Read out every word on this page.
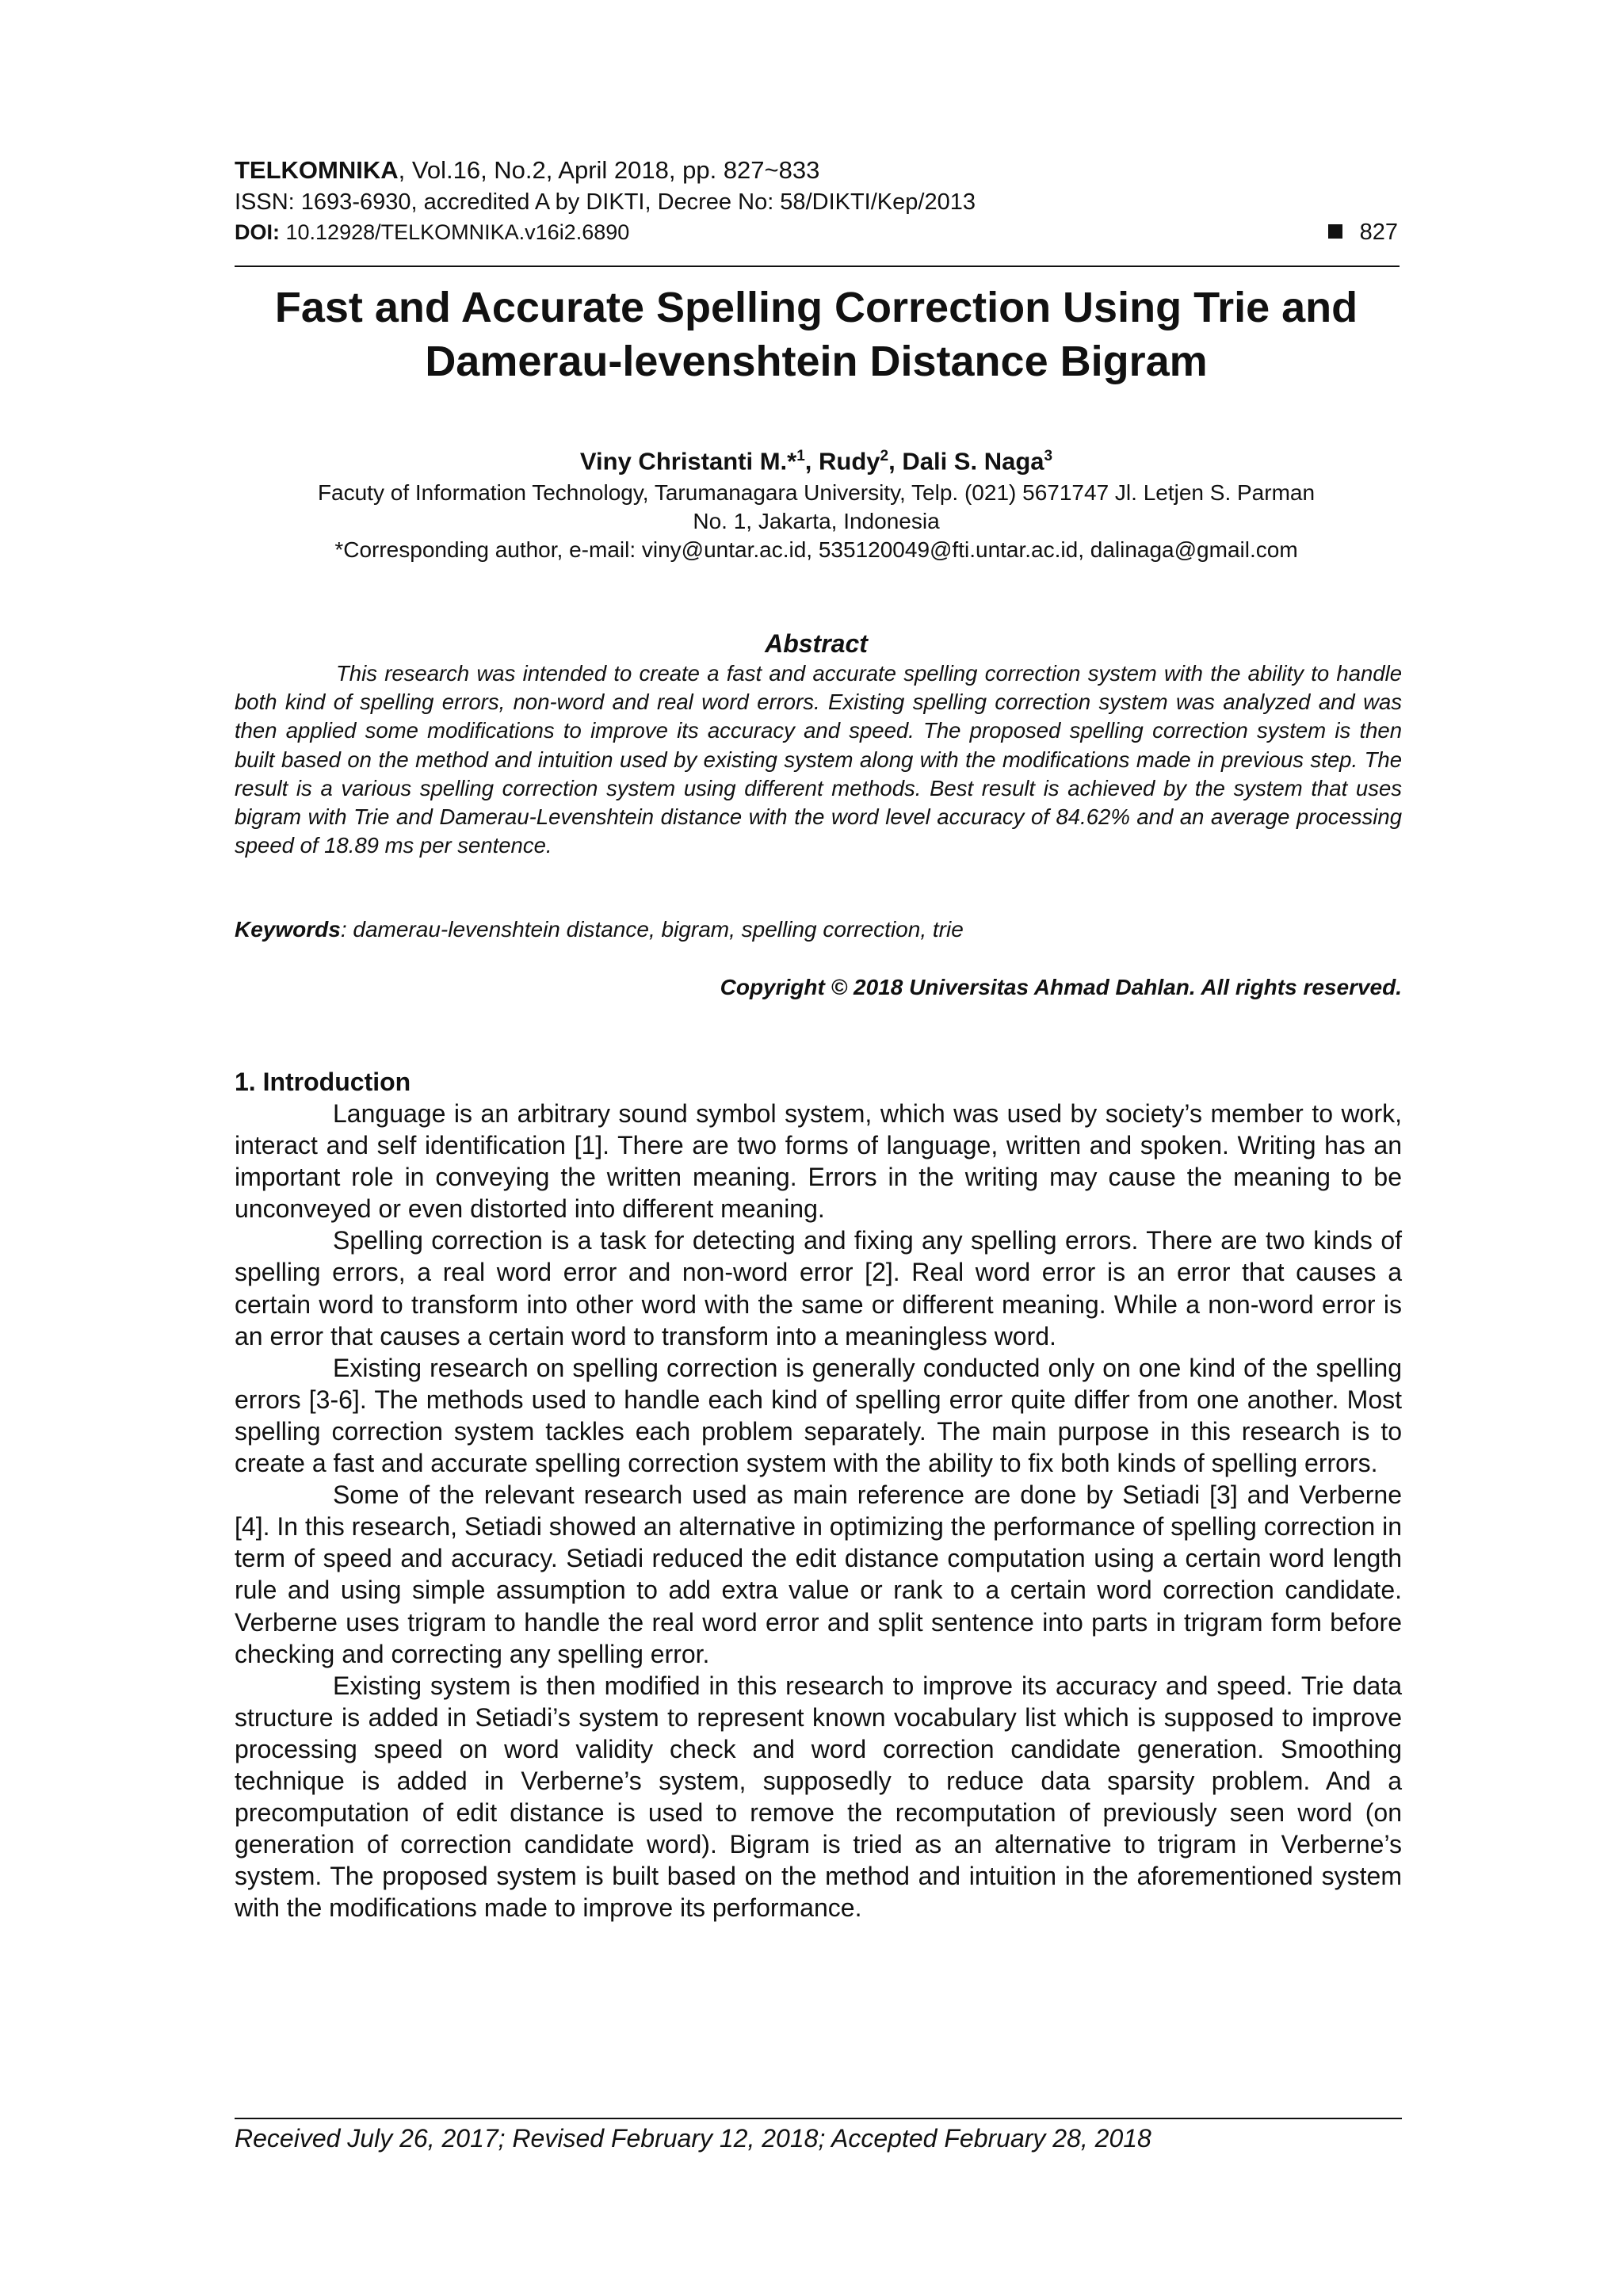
TELKOMNIKA, Vol.16, No.2, April 2018, pp. 827~833
ISSN: 1693-6930, accredited A by DIKTI, Decree No: 58/DIKTI/Kep/2013
DOI: 10.12928/TELKOMNIKA.v16i2.6890	827
Fast and Accurate Spelling Correction Using Trie and
Damerau-levenshtein Distance Bigram
Viny Christanti M.*$^1$, Rudy$^2$, Dali S. Naga$^3$
Facuty of Information Technology, Tarumanagara University, Telp. (021) 5671747 Jl. Letjen S. Parman
No. 1, Jakarta, Indonesia
*Corresponding author, e-mail: viny@untar.ac.id, 535120049@fti.untar.ac.id, dalinaga@gmail.com
Abstract
This research was intended to create a fast and accurate spelling correction system with the ability to handle both kind of spelling errors, non-word and real word errors. Existing spelling correction system was analyzed and was then applied some modifications to improve its accuracy and speed. The proposed spelling correction system is then built based on the method and intuition used by existing system along with the modifications made in previous step. The result is a various spelling correction system using different methods. Best result is achieved by the system that uses bigram with Trie and Damerau-Levenshtein distance with the word level accuracy of 84.62% and an average processing speed of 18.89 ms per sentence.
Keywords: damerau-levenshtein distance, bigram, spelling correction, trie
Copyright © 2018 Universitas Ahmad Dahlan. All rights reserved.
1. Introduction

Language is an arbitrary sound symbol system, which was used by society’s member to work, interact and self identification [1]. There are two forms of language, written and spoken. Writing has an important role in conveying the written meaning. Errors in the writing may cause the meaning to be unconveyed or even distorted into different meaning.

Spelling correction is a task for detecting and fixing any spelling errors. There are two kinds of spelling errors, a real word error and non-word error [2]. Real word error is an error that causes a certain word to transform into other word with the same or different meaning. While a non-word error is an error that causes a certain word to transform into a meaningless word.

Existing research on spelling correction is generally conducted only on one kind of the spelling errors [3-6]. The methods used to handle each kind of spelling error quite differ from one another. Most spelling correction system tackles each problem separately. The main purpose in this research is to create a fast and accurate spelling correction system with the ability to fix both kinds of spelling errors.

Some of the relevant research used as main reference are done by Setiadi [3] and Verberne [4]. In this research, Setiadi showed an alternative in optimizing the performance of spelling correction in term of speed and accuracy. Setiadi reduced the edit distance computation using a certain word length rule and using simple assumption to add extra value or rank to a certain word correction candidate. Verberne uses trigram to handle the real word error and split sentence into parts in trigram form before checking and correcting any spelling error.

Existing system is then modified in this research to improve its accuracy and speed. Trie data structure is added in Setiadi’s system to represent known vocabulary list which is supposed to improve processing speed on word validity check and word correction candidate generation. Smoothing technique is added in Verberne’s system, supposedly to reduce data sparsity problem. And a precomputation of edit distance is used to remove the recomputation of previously seen word (on generation of correction candidate word). Bigram is tried as an alternative to trigram in Verberne’s system. The proposed system is built based on the method and intuition in the aforementioned system with the modifications made to improve its performance.

Received July 26, 2017; Revised February 12, 2018; Accepted February 28, 2018
